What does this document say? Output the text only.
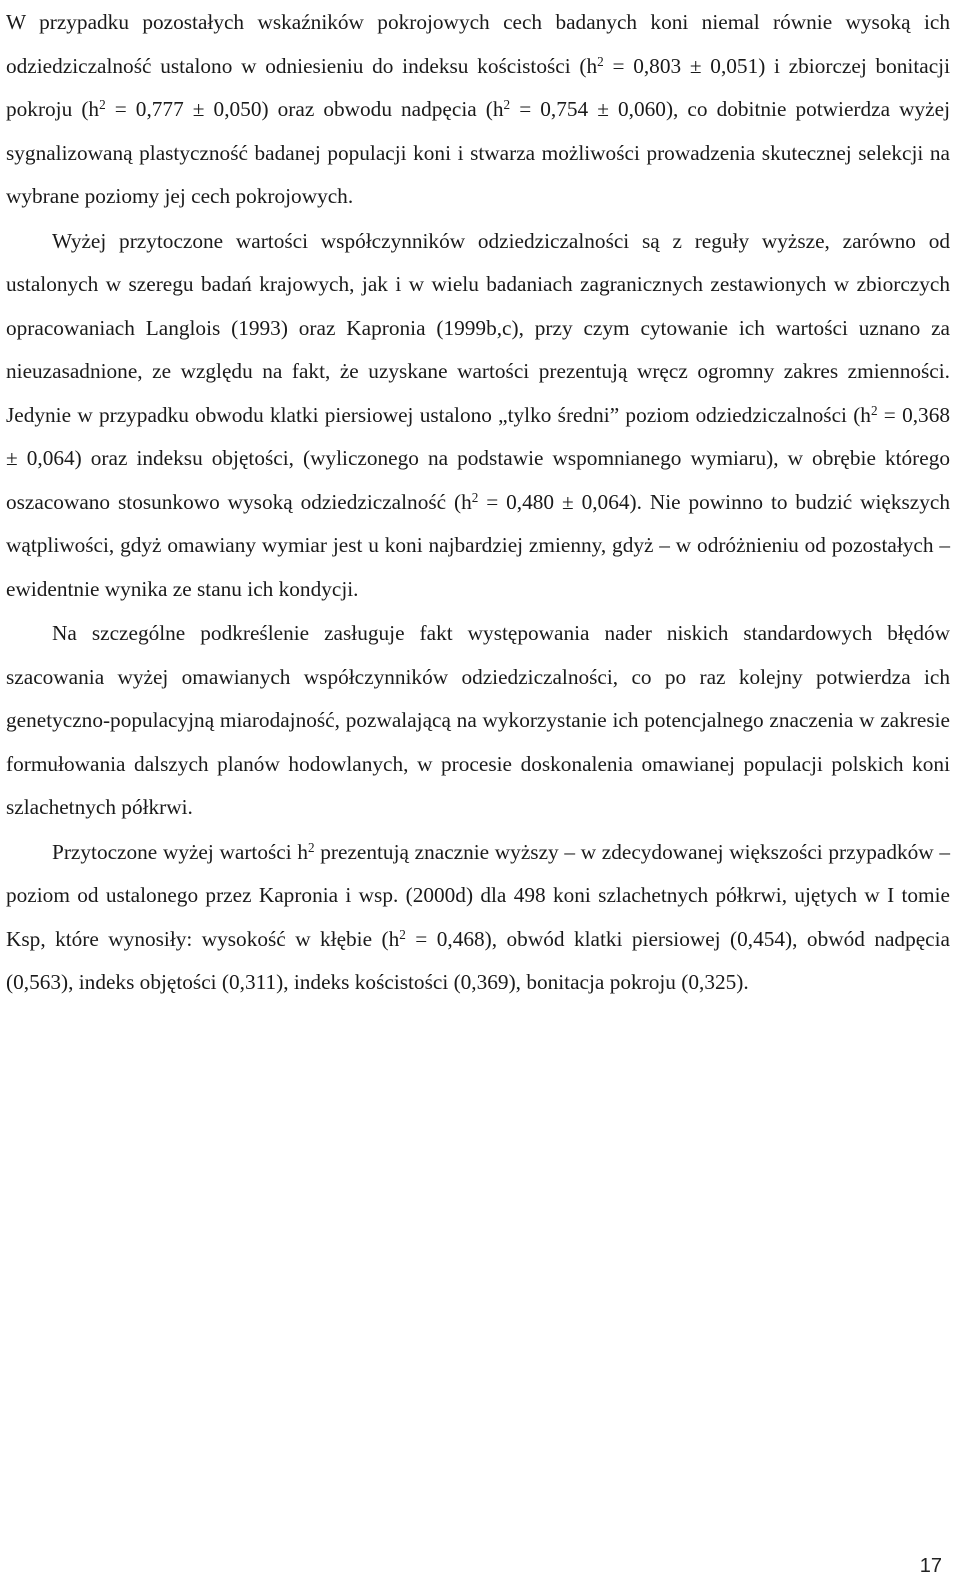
W przypadku pozostałych wskaźników pokrojowych cech badanych koni niemal równie wysoką ich odziedziczalność ustalono w odniesieniu do indeksu kościstości $(h^2 = 0,803 \pm 0,051)$ i zbiorczej bonitacji pokroju $(h^2 = 0,777 \pm 0,050)$ oraz obwodu nadpęcia $(h^2 = 0,754 \pm 0,060)$, co dobitnie potwierdza wyżej sygnalizowaną plastyczność badanej populacji koni i stwarza możliwości prowadzenia skutecznej selekcji na wybrane poziomy jej cech pokrojowych.

Wyżej przytoczone wartości współczynników odziedziczalności są z reguły wyższe, zarówno od ustalonych w szeregu badań krajowych, jak i w wielu badaniach zagranicznych zestawionych w zbiorczych opracowaniach Langlois (1993) oraz Kapronia (1999b,c), przy czym cytowanie ich wartości uznano za nieuzasadnione, ze względu na fakt, że uzyskane wartości prezentują wręcz ogromny zakres zmienności. Jedynie w przypadku obwodu klatki piersiowej ustalono „tylko średni” poziom odziedziczalności $(h^2 = 0,368 \pm 0,064)$ oraz indeksu objętości, (wyliczonego na podstawie wspomnianego wymiaru), w obrębie którego oszacowano stosunkowo wysoką odziedziczalność $(h^2 = 0,480 \pm 0,064)$. Nie powinno to budzić większych wątpliwości, gdyż omawiany wymiar jest u koni najbardziej zmienny, gdyż – w odróżnieniu od pozostałych – ewidentnie wynika ze stanu ich kondycji.

Na szczególne podkreślenie zasługuje fakt występowania nader niskich standardowych błędów szacowania wyżej omawianych współczynników odziedziczalności, co po raz kolejny potwierdza ich genetyczno-populacyjną miarodajność, pozwalającą na wykorzystanie ich potencjalnego znaczenia w zakresie formułowania dalszych planów hodowlanych, w procesie doskonalenia omawianej populacji polskich koni szlachetnych półkrwi.

Przytoczone wyżej wartości $h^2$ prezentują znacznie wyższy – w zdecydowanej większości przypadków – poziom od ustalonego przez Kapronia i wsp. (2000d) dla 498 koni szlachetnych półkrwi, ujętych w I tomie Ksp, które wynosiły: wysokość w kłębie $(h^2 = 0,468)$, obwód klatki piersiowej (0,454), obwód nadpęcia (0,563), indeks objętości (0,311), indeks kościstości (0,369), bonitacja pokroju (0,325).

17
